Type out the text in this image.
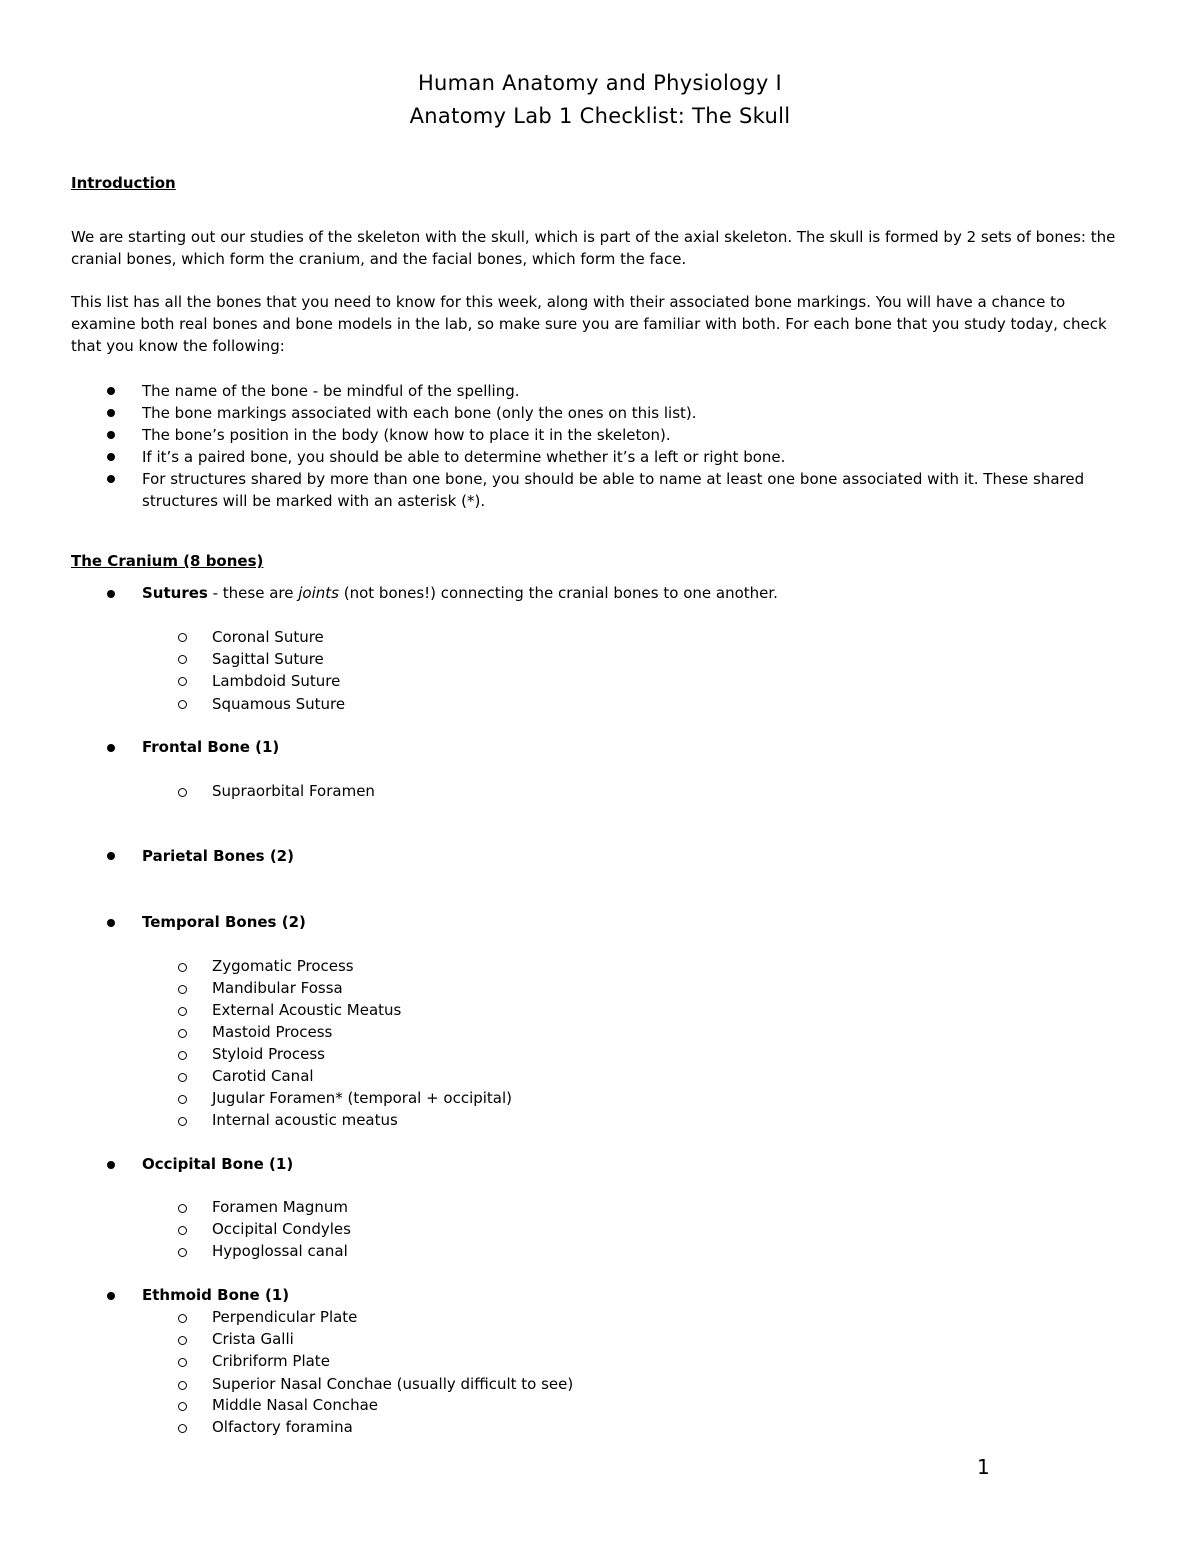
Human Anatomy and Physiology I
Anatomy Lab 1 Checklist: The Skull
Introduction

We are starting out our studies of the skeleton with the skull, which is part of the axial skeleton. The skull is formed by 2 sets of bones: the cranial bones, which form the cranium, and the facial bones, which form the face.

This list has all the bones that you need to know for this week, along with their associated bone markings. You will have a chance to examine both real bones and bone models in the lab, so make sure you are familiar with both. For each bone that you study today, check that you know the following:

The name of the bone - be mindful of the spelling.
The bone markings associated with each bone (only the ones on this list).
The bone’s position in the body (know how to place it in the skeleton).
If it’s a paired bone, you should be able to determine whether it’s a left or right bone.
For structures shared by more than one bone, you should be able to name at least one bone associated with it. These shared structures will be marked with an asterisk (*).
The Cranium (8 bones)
Sutures - these are joints (not bones!) connecting the cranial bones to one another.
Coronal Suture
Sagittal Suture
Lambdoid Suture
Squamous Suture
Frontal Bone (1)
Supraorbital Foramen
Parietal Bones (2)
Temporal Bones (2)
Zygomatic Process
Mandibular Fossa
External Acoustic Meatus
Mastoid Process
Styloid Process
Carotid Canal
Jugular Foramen* (temporal + occipital)
Internal acoustic meatus
Occipital Bone (1)
Foramen Magnum
Occipital Condyles
Hypoglossal canal
Ethmoid Bone (1)
Perpendicular Plate
Crista Galli
Cribriform Plate
Superior Nasal Conchae (usually difficult to see)
Middle Nasal Conchae
Olfactory foramina
1
